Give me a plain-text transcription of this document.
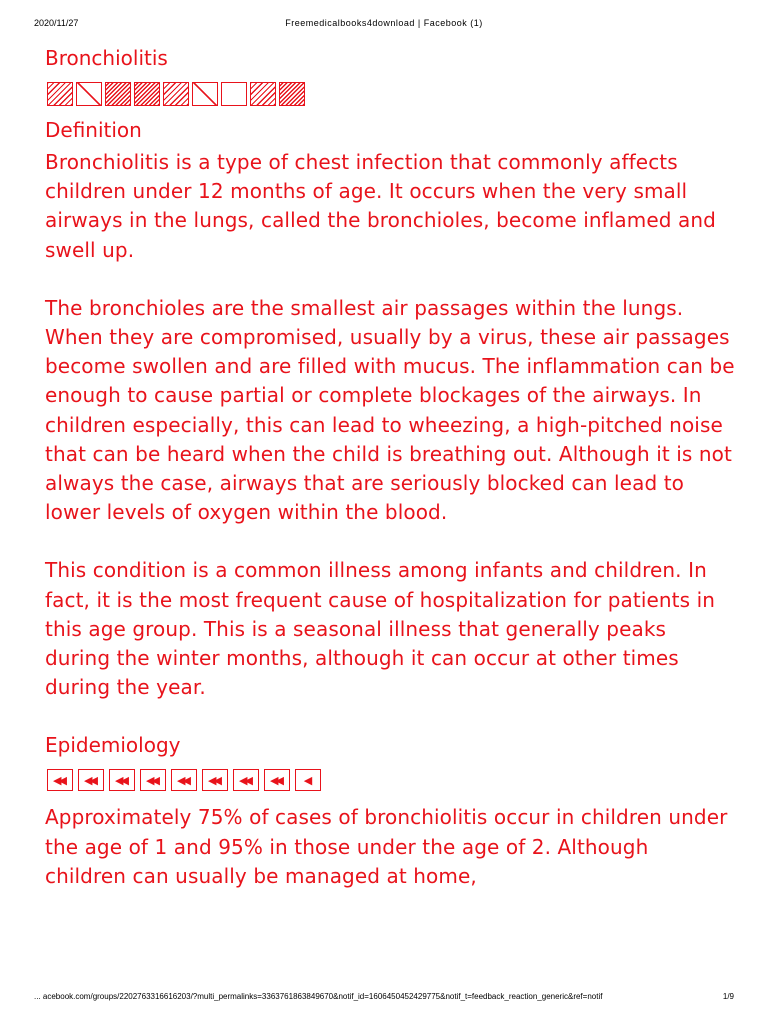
2020/11/27	Freemedicalbooks4download | Facebook (1)
Bronchiolitis
Definition

Bronchiolitis is a type of chest infection that commonly affects children under 12 months of age. It occurs when the very small airways in the lungs, called the bronchioles, become inflamed and swell up.

The bronchioles are the smallest air passages within the lungs. When they are compromised, usually by a virus, these air passages become swollen and are filled with mucus. The inflammation can be enough to cause partial or complete blockages of the airways. In children especially, this can lead to wheezing, a high-pitched noise that can be heard when the child is breathing out. Although it is not always the case, airways that are seriously blocked can lead to lower levels of oxygen within the blood.

This condition is a common illness among infants and children. In fact, it is the most frequent cause of hospitalization for patients in this age group. This is a seasonal illness that generally peaks during the winter months, although it can occur at other times during the year.

Epidemiology
◀◀	◀◀	◀◀	◀◀	◀◀	◀◀	◀◀	◀◀	◀

Approximately 75% of cases of bronchiolitis occur in children under the age of 1 and 95% in those under the age of 2. Although children can usually be managed at home,

... acebook.com/groups/2202763316616203/?multi_permalinks=3363761863849670&notif_id=1606450452429775&notif_t=feedback_reaction_generic&ref=notif	1/9
